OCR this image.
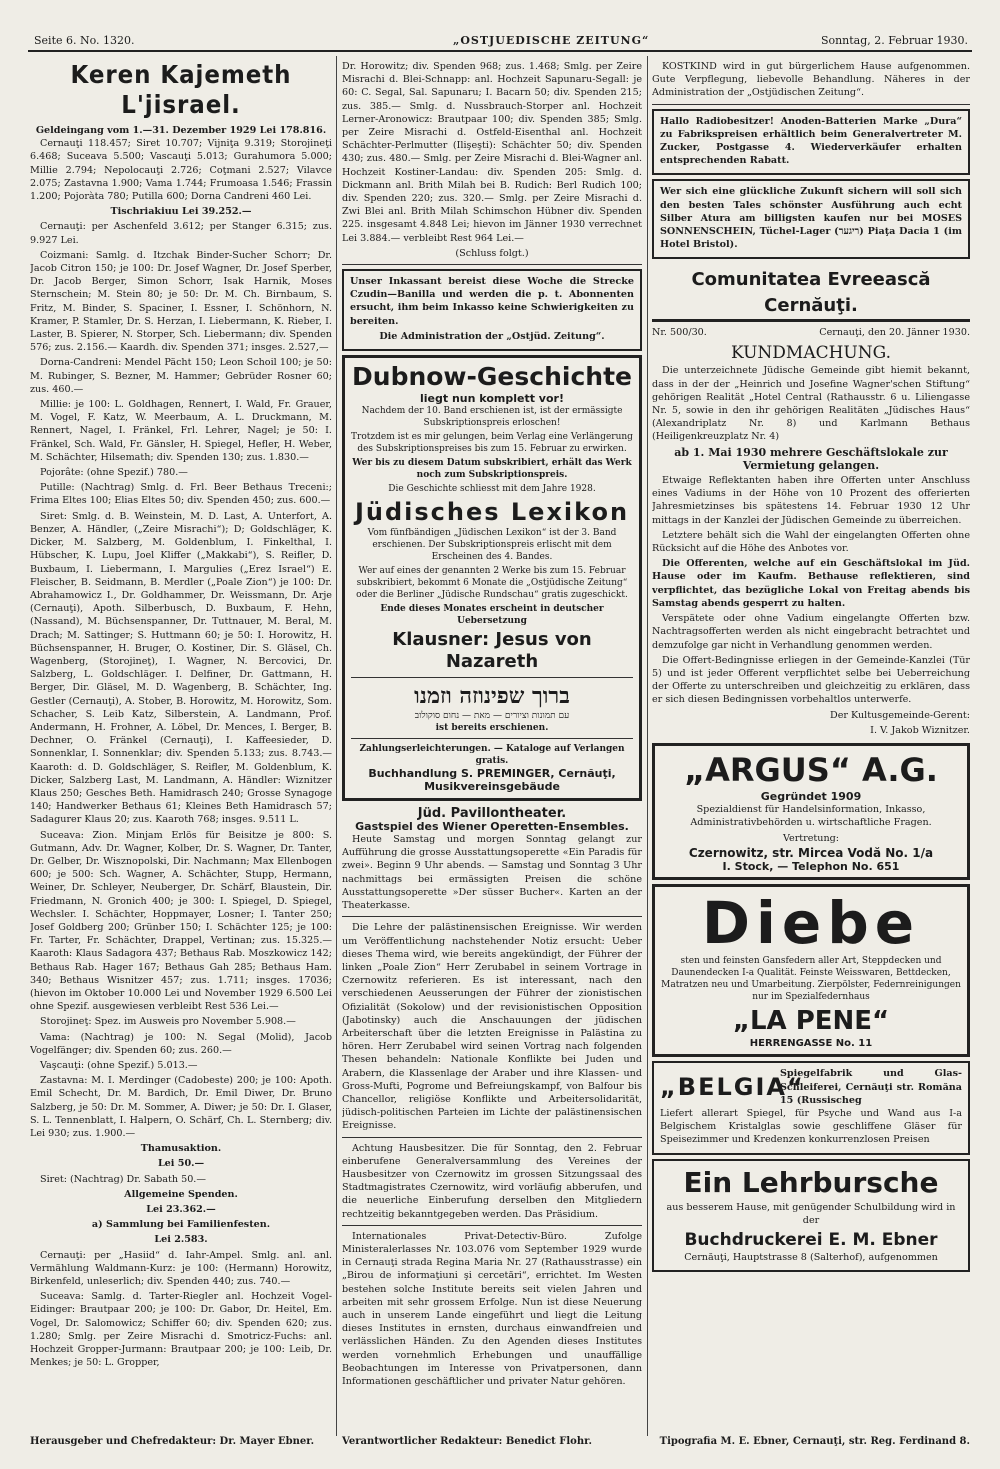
Seite 6. No. 1320.	„OSTJUEDISCHE ZEITUNG“	Sonntag, 2. Februar 1930.
Keren Kajemeth L'jisrael.
Geldeingang vom 1.—31. Dezember 1929 Lei 178.816.

Cernauţi 118.457; Siret 10.707; Vijniţa 9.319; Storojineţi 6.468; Suceava 5.500; Vascauţi 5.013; Gurahumora 5.000; Millie 2.794; Nepolocauţi 2.726; Coţmani 2.527; Vilavce 2.075; Zastavna 1.900; Vama 1.744; Frumoasa 1.546; Frassin 1.200; Pojoràta 780; Putilla 600; Dorna Candreni 460 Lei.

Tischriakiuu Lei 39.252.—

Cernauţi: per Aschenfeld 3.612; per Stanger 6.315; zus. 9.927 Lei.

Coizmani: Samlg. d. Itzchak Binder-Sucher Schorr; Dr. Jacob Citron 150; je 100: Dr. Josef Wagner, Dr. Josef Sperber, Dr. Jacob Berger, Simon Schorr, Isak Harnik, Moses Sternschein; M. Stein 80; je 50: Dr. M. Ch. Birnbaum, S. Fritz, M. Binder, S. Spaciner, I. Essner, I. Schönhorn, N. Kramer, P. Stamler, Dr. S. Herzan, I. Liebermann, K. Rieber, I. Laster, B. Spierer, N. Storper, Sch. Liebermann; div. Spenden 576; zus. 2.156.— Kaardh. div. Spenden 371; insges. 2.527,—

Dorna-Candreni: Mendel Pächt 150; Leon Schoil 100; je 50: M. Rubinger, S. Bezner, M. Hammer; Gebrüder Rosner 60; zus. 460.—

Millie: je 100: L. Goldhagen, Rennert, I. Wald, Fr. Grauer, M. Vogel, F. Katz, W. Meerbaum, A. L. Druckmann, M. Rennert, Nagel, I. Fränkel, Frl. Lehrer, Nagel; je 50: I. Fränkel, Sch. Wald, Fr. Gänsler, H. Spiegel, Hefler, H. Weber, M. Schächter, Hilsemath; div. Spenden 130; zus. 1.830.—

Pojorâte: (ohne Spezif.) 780.—

Putille: (Nachtrag) Smlg. d. Frl. Beer Bethaus Treceni:; Frima Eltes 100; Elias Eltes 50; div. Spenden 450; zus. 600.—

Siret: Smlg. d. B. Weinstein, M. D. Last, A. Unterfort, A. Benzer, A. Händler, („Zeire Misrachi“); D; Goldschläger, K. Dicker, M. Salzberg, M. Goldenblum, I. Finkelthal, I. Hübscher, K. Lupu, Joel Kliffer („Makkabi“), S. Reifler, D. Buxbaum, I. Liebermann, I. Margulies („Erez Israel“) E. Fleischer, B. Seidmann, B. Merdler („Poale Zion“) je 100: Dr. Abrahamowicz I., Dr. Goldhammer, Dr. Weissmann, Dr. Arje (Cernauţi), Apoth. Silberbusch, D. Buxbaum, F. Hehn, (Nassand), M. Büchsenspanner, Dr. Tuttnauer, M. Beral, M. Drach; M. Sattinger; S. Huttmann 60; je 50: I. Horowitz, H. Büchsenspanner, H. Bruger, O. Kostiner, Dir. S. Gläsel, Ch. Wagenberg, (Storojineţ), I. Wagner, N. Bercovici, Dr. Salzberg, L. Goldschläger. I. Delfiner, Dr. Gattmann, H. Berger, Dir. Gläsel, M. D. Wagenberg, B. Schächter, Ing. Gestler (Cernauţi), A. Stober, B. Horowitz, M. Horowitz, Som. Schacher, S. Leib Katz, Silberstein, A. Landmann, Prof. Andermann, H. Frohner, A. Löbel, Dr. Mences, I. Berger, B. Dechner, O. Fränkel (Cernauţi), I. Kaffeesieder, D. Sonnenklar, I. Sonnenklar; div. Spenden 5.133; zus. 8.743.— Kaaroth: d. D. Goldschläger, S. Reifler, M. Goldenblum, K. Dicker, Salzberg Last, M. Landmann, A. Händler: Wiznitzer Klaus 250; Gesches Beth. Hamidrasch 240; Grosse Synagoge 140; Handwerker Bethaus 61; Kleines Beth Hamidrasch 57; Sadagurer Klaus 20; zus. Kaaroth 768; insges. 9.511 L.

Suceava: Zion. Minjam Erlös für Beisitze je 800: S. Gutmann, Adv. Dr. Wagner, Kolber, Dr. S. Wagner, Dr. Tanter, Dr. Gelber, Dr. Wisznopolski, Dir. Nachmann; Max Ellenbogen 600; je 500: Sch. Wagner, A. Schächter, Stupp, Hermann, Weiner, Dr. Schleyer, Neuberger, Dr. Schärf, Blaustein, Dir. Friedmann, N. Gronich 400; je 300: I. Spiegel, D. Spiegel, Wechsler. I. Schächter, Hoppmayer, Losner; I. Tanter 250; Josef Goldberg 200; Grünber 150; I. Schächter 125; je 100: Fr. Tarter, Fr. Schächter, Drappel, Vertinan; zus. 15.325.— Kaaroth: Klaus Sadagora 437; Bethaus Rab. Moszkowicz 142; Bethaus Rab. Hager 167; Bethaus Gah 285; Bethaus Ham. 340; Bethaus Wisnitzer 457; zus. 1.711; insges. 17036; (hievon im Oktober 10.000 Lei und November 1929 6.500 Lei ohne Spezif. ausgewiesen verbleibt Rest 536 Lei.—

Storojineţ: Spez. im Ausweis pro November 5.908.—

Vama: (Nachtrag) je 100: N. Segal (Molid), Jacob Vogelfänger; div. Spenden 60; zus. 260.—

Vaşcauţi: (ohne Spezif.) 5.013.—

Zastavna: M. I. Merdinger (Cadobeste) 200; je 100: Apoth. Emil Schecht, Dr. M. Bardich, Dr. Emil Diwer, Dr. Bruno Salzberg, je 50: Dr. M. Sommer, A. Diwer; je 50: Dr. I. Glaser, S. L. Tennenblatt, I. Halpern, O. Schärf, Ch. L. Sternberg; div. Lei 930; zus. 1.900.—

Thamusaktion.

Lei 50.—

Siret: (Nachtrag) Dr. Sabath 50.—

Allgemeine Spenden.

Lei 23.362.—

a) Sammlung bei Familienfesten.

Lei 2.583.

Cernauţi: per „Hasiid“ d. Iahr-Ampel. Smlg. anl. anl. Vermählung Waldmann-Kurz: je 100: (Hermann) Horowitz, Birkenfeld, unleserlich; div. Spenden 440; zus. 740.—

Suceava: Samlg. d. Tarter-Riegler anl. Hochzeit Vogel-Eidinger: Brautpaar 200; je 100: Dr. Gabor, Dr. Heitel, Em. Vogel, Dr. Salomowicz; Schiffer 60; div. Spenden 620; zus. 1.280; Smlg. per Zeire Misrachi d. Smotricz-Fuchs: anl. Hochzeit Gropper-Jurmann: Brautpaar 200; je 100: Leib, Dr. Menkes; je 50: L. Gropper,

Dr. Horowitz; div. Spenden 968; zus. 1.468; Smlg. per Zeire Misrachi d. Blei-Schnapp: anl. Hochzeit Sapunaru-Segall: je 60: C. Segal, Sal. Sapunaru; I. Bacarn 50; div. Spenden 215; zus. 385.— Smlg. d. Nussbrauch-Storper anl. Hochzeit Lerner-Aronowicz: Brautpaar 100; div. Spenden 385; Smlg. per Zeire Misrachi d. Ostfeld-Eisenthal anl. Hochzeit Schächter-Perlmutter (Ilişeşti): Schächter 50; div. Spenden 430; zus. 480.— Smlg. per Zeire Misrachi d. Blei-Wagner anl. Hochzeit Kostiner-Landau: div. Spenden 205: Smlg. d. Dickmann anl. Brith Milah bei B. Rudich: Berl Rudich 100; div. Spenden 220; zus. 320.— Smlg. per Zeire Misrachi d. Zwi Blei anl. Brith Milah Schimschon Hübner div. Spenden 225. insgesamt 4.848 Lei; hievon im Jänner 1930 verrechnet Lei 3.884.— verbleibt Rest 964 Lei.—

(Schluss folgt.)

Unser Inkassant bereist diese Woche die Strecke Czudin—Banilla und werden die p. t. Abonnenten ersucht, ihm beim Inkasso keine Schwierigkeiten zu bereiten.

Die Administration der „Ostjüd. Zeitung“.

Dubnow-Geschichte
liegt nun komplett vor!

Nachdem der 10. Band erschienen ist, ist der ermässigte Subskriptionspreis erloschen!

Trotzdem ist es mir gelungen, beim Verlag eine Verlängerung des Subskriptionspreises bis zum 15. Februar zu erwirken.

Wer bis zu diesem Datum subskribiert, erhält das Werk noch zum Subskriptionspreis.

Die Geschichte schliesst mit dem Jahre 1928.

Jüdisches Lexikon

Vom fünfbändigen „Jüdischen Lexikon“ ist der 3. Band erschienen. Der Subskriptionspreis erlischt mit dem Erscheinen des 4. Bandes.

Wer auf eines der genannten 2 Werke bis zum 15. Februar subskribiert, bekommt 6 Monate die „Ostjüdische Zeitung“ oder die Berliner „Jüdische Rundschau“ gratis zugeschickt.

Ende dieses Monates erscheint in deutscher Uebersetzung

Klausner: Jesus von Nazareth
ברוך שפינוזה וזמנו
עם תמונות וציורים — מאת — נחום סוקולוב
ist bereits erschienen.
Zahlungserleichterungen. — Kataloge auf Verlangen gratis.
Buchhandlung S. PREMINGER, Cernăuţi, Musikvereinsgebäude
Jüd. Pavillontheater.
Gastspiel des Wiener Operetten-Ensembles.

Heute Samstag und morgen Sonntag gelangt zur Aufführung die grosse Ausstattungsoperette «Ein Paradis für zwei». Beginn 9 Uhr abends. — Samstag und Sonntag 3 Uhr nachmittags bei ermässigten Preisen die schöne Ausstattungsoperette »Der süsser Bucher«. Karten an der Theaterkasse.

Die Lehre der palästinensischen Ereignisse. Wir werden um Veröffentlichung nachstehender Notiz ersucht: Ueber dieses Thema wird, wie bereits angekündigt, der Führer der linken „Poale Zion“ Herr Zerubabel in seinem Vortrage in Czernowitz referieren. Es ist interessant, nach den verschiedenen Aeusserungen der Führer der zionistischen Ofizialität (Sokolow) und der revisionistischen Opposition (Jabotinsky) auch die Anschauungen der jüdischen Arbeiterschaft über die letzten Ereignisse in Palästina zu hören. Herr Zerubabel wird seinen Vortrag nach folgenden Thesen behandeln: Nationale Konflikte bei Juden und Arabern, die Klassenlage der Araber und ihre Klassen- und Gross-Mufti, Pogrome und Befreiungskampf, von Balfour bis Chancellor, religiöse Konflikte und Arbeitersolidarität, jüdisch-politischen Parteien im Lichte der palästinensischen Ereignisse.

Achtung Hausbesitzer. Die für Sonntag, den 2. Februar einberufene Generalversammlung des Vereines der Hausbesitzer von Czernowitz im grossen Sitzungssaal des Stadtmagistrates Czernowitz, wird vorläufig abberufen, und die neuerliche Einberufung derselben den Mitgliedern rechtzeitig bekanntgegeben werden. Das Präsidium.

Internationales Privat-Detectiv-Büro. Zufolge Ministeralerlasses Nr. 103.076 vom September 1929 wurde in Cernauţi strada Regina Maria Nr. 27 (Rathausstrasse) ein „Birou de informaţiuni şi cercetări“, errichtet. Im Westen bestehen solche Institute bereits seit vielen Jahren und arbeiten mit sehr grossem Erfolge. Nun ist diese Neuerung auch in unserem Lande eingeführt und liegt die Leitung dieses Institutes in ernsten, durchaus einwandfreien und verlässlichen Händen. Zu den Agenden dieses Institutes werden vornehmlich Erhebungen und unauffällige Beobachtungen im Interesse von Privatpersonen, dann Informationen geschäftlicher und privater Natur gehören.

KOSTKIND wird in gut bürgerlichem Hause aufgenommen. Gute Verpflegung, liebevolle Behandlung. Näheres in der Administration der „Ostjüdischen Zeitung“.

Hallo Radiobesitzer! Anoden-Batterien Marke „Dura“ zu Fabrikspreisen erhältlich beim Generalvertreter M. Zucker, Postgasse 4. Wiederverkäufer erhalten entsprechenden Rabatt.

Wer sich eine glückliche Zukunft sichern will soll sich den besten Tales schönster Ausführung auch echt Silber Atura am billigsten kaufen nur bei MOSES SONNENSCHEIN, Tüchel-Lager (ריגער) Piaţa Dacia 1 (im Hotel Bristol).

Comunitatea Evreească Cernăuţi.
Nr. 500/30.	Cernauţi, den 20. Jänner 1930.
KUNDMACHUNG.

Die unterzeichnete Jüdische Gemeinde gibt hiemit bekannt, dass in der der „Heinrich und Josefine Wagner'schen Stiftung“ gehörigen Realität „Hotel Central (Rathausstr. 6 u. Liliengasse Nr. 5, sowie in den ihr gehörigen Realitäten „Jüdisches Haus“ (Alexandriplatz Nr. 8) und Karlmann Bethaus (Heiligenkreuzplatz Nr. 4)

ab 1. Mai 1930 mehrere Geschäftslokale zur Vermietung gelangen.

Etwaige Reflektanten haben ihre Offerten unter Anschluss eines Vadiums in der Höhe von 10 Prozent des offerierten Jahresmietzinses bis spätestens 14. Februar 1930 12 Uhr mittags in der Kanzlei der Jüdischen Gemeinde zu überreichen.

Letztere behält sich die Wahl der eingelangten Offerten ohne Rücksicht auf die Höhe des Anbotes vor.

Die Offerenten, welche auf ein Geschäftslokal im Jüd. Hause oder im Kaufm. Bethause reflektieren, sind verpflichtet, das bezügliche Lokal von Freitag abends bis Samstag abends gesperrt zu halten.

Verspätete oder ohne Vadium eingelangte Offerten bzw. Nachtragsofferten werden als nicht eingebracht betrachtet und demzufolge gar nicht in Verhandlung genommen werden.

Die Offert-Bedingnisse erliegen in der Gemeinde-Kanzlei (Tür 5) und ist jeder Offerent verpflichtet selbe bei Ueberreichung der Offerte zu unterschreiben und gleichzeitig zu erklären, dass er sich diesen Bedingnissen vorbehaltlos unterwerfe.

Der Kultusgemeinde-Gerent:

I. V. Jakob Wiznitzer.

„ARGUS“ A.G.
Gegründet 1909

Spezialdienst für Handelsinformation, Inkasso, Administrativbehörden u. wirtschaftliche Fragen.

Vertretung:

Czernowitz, str. Mircea Vodă No. 1/a
I. Stock, — Telephon No. 651
Diebe

sten und feinsten Gansfedern aller Art, Steppdecken und Daunendecken I-a Qualität. Feinste Weisswaren, Bettdecken, Matratzen neu und Umarbeitung. Zierpölster, Federnreinigungen nur im Spezialfedernhaus

„LA PENE“
HERRENGASSE No. 11
„BELGIA“
Spiegelfabrik und Glas-Schleiferei, Cernăuţi str. Romăna 15 (Russischeg

Liefert allerart Spiegel, für Psyche und Wand aus I-a Belgischem Kristalglas sowie geschliffene Gläser für Speisezimmer und Kredenzen konkurrenzlosen Preisen

Ein Lehrbursche

aus besserem Hause, mit genügender Schulbildung wird in der

Buchdruckerei E. M. Ebner

Cernăuţi, Hauptstrasse 8 (Salterhof), aufgenommen

Herausgeber und Chefredakteur: Dr. Mayer Ebner.	Verantwortlicher Redakteur: Benedict Flohr.	Tipografia M. E. Ebner, Cernauţi, str. Reg. Ferdinand 8.
